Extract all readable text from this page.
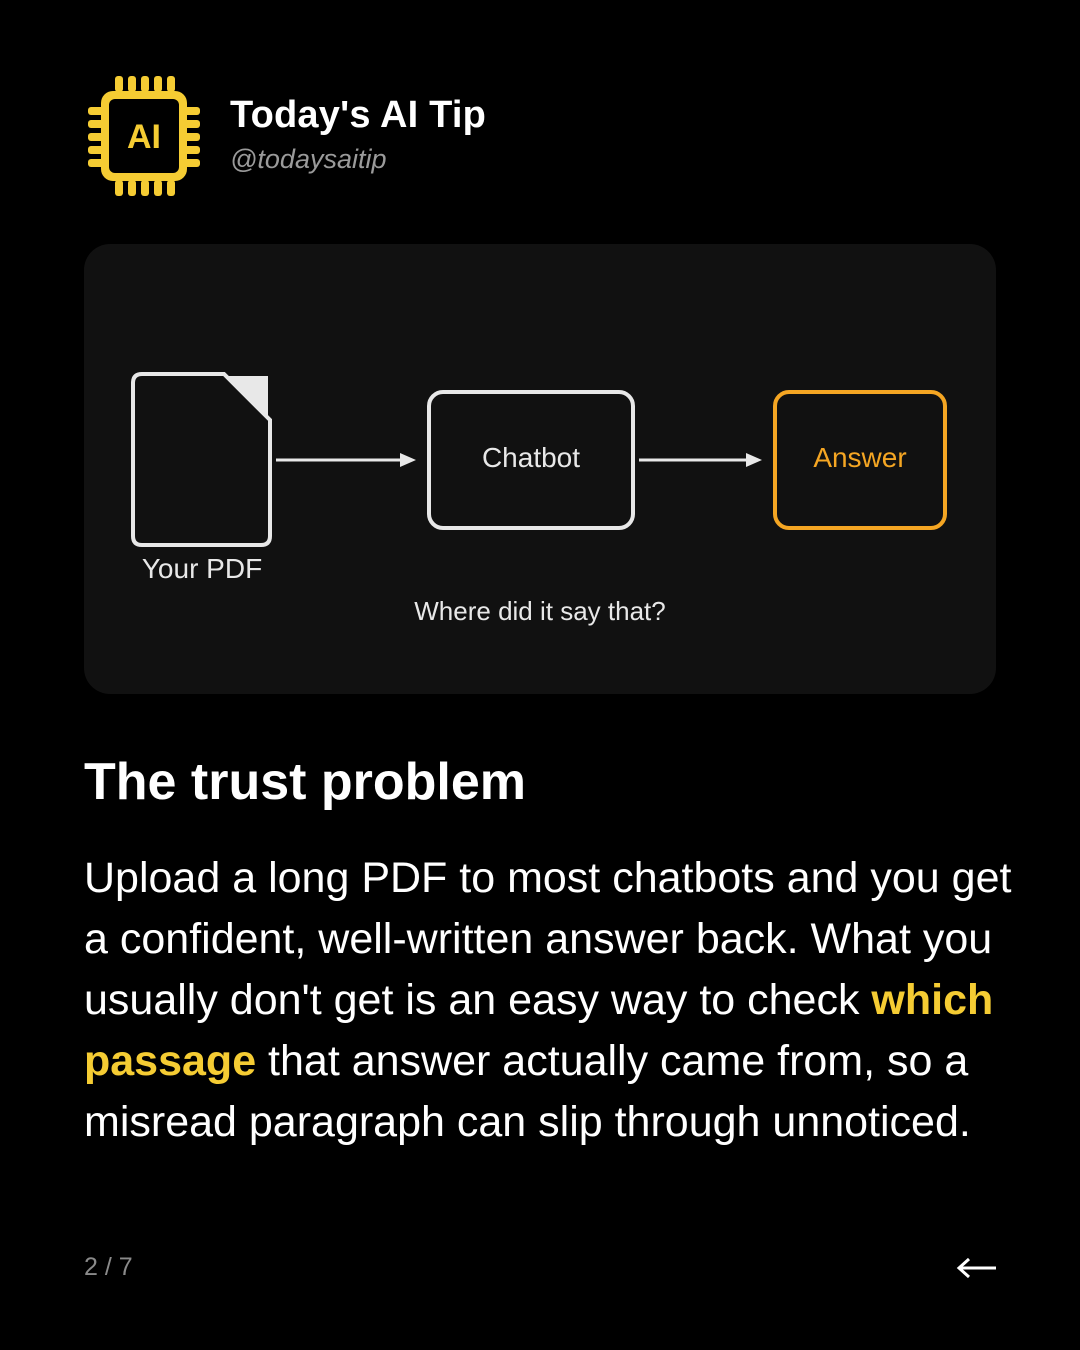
AI
Today's AI Tip
@todaysaitip
Your PDF
Chatbot	Answer
Where did it say that?
The trust problem

Upload a long PDF to most chatbots and you get a confident, well-written answer back. What you usually don't get is an easy way to check which passage that answer actually came from, so a misread paragraph can slip through unnoticed.

2 / 7
